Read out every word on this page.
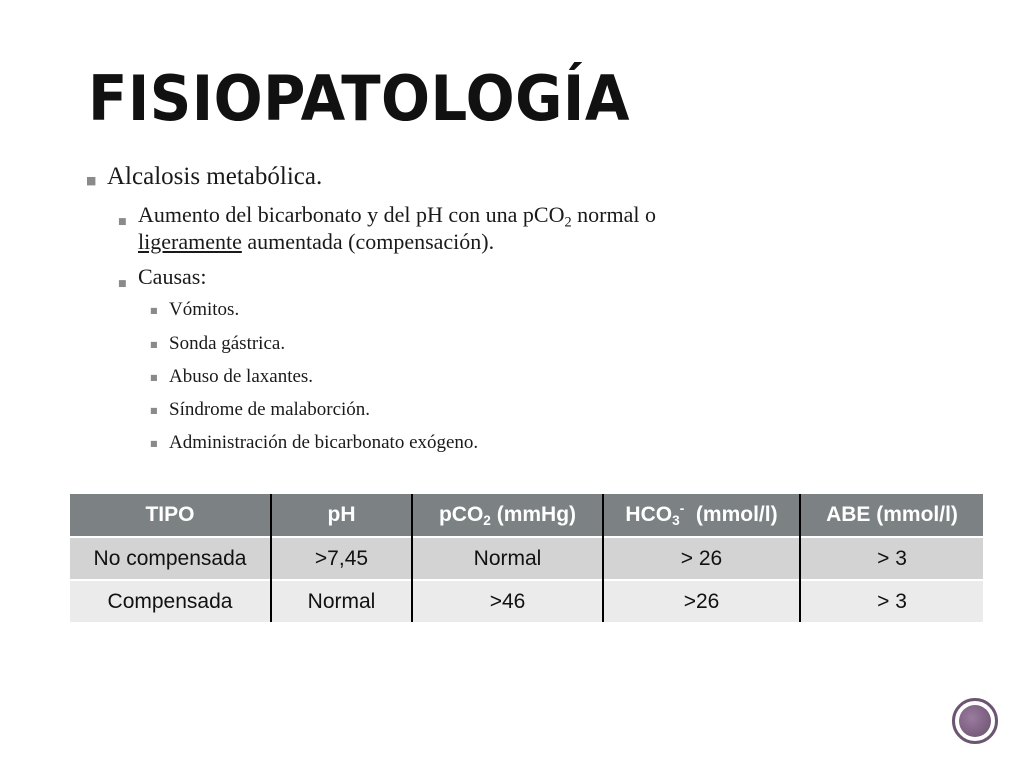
FISIOPATOLOGÍA
■ Alcalosis metabólica.
■ Aumento del bicarbonato y del pH con una pCO$_2$ normal o
ligeramente aumentada (compensación).
■ Causas:
■ Vómitos.
■ Sonda gástrica.
■ Abuso de laxantes.
■ Síndrome de malaborción.
■ Administración de bicarbonato exógeno.
TIPO	pH	pCO$_2$ (mmHg)	$HCO_3^-$  (mmol/l)	ABE (mmol/l)
No compensada	>7,45	Normal	> 26	> 3
Compensada	Normal	>46	>26	> 3
